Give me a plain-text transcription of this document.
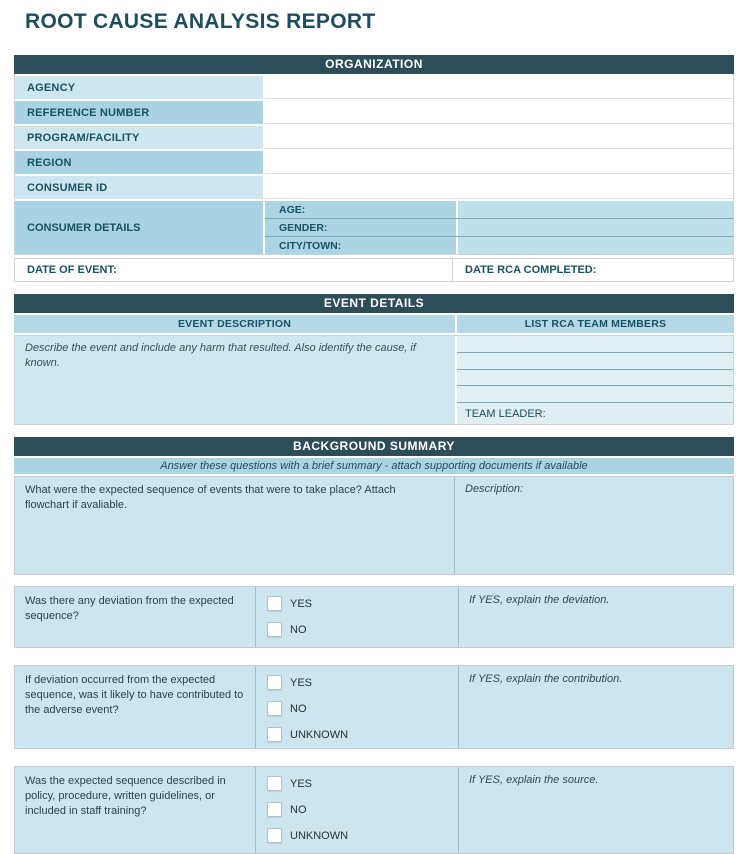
ROOT CAUSE ANALYSIS REPORT
ORGANIZATION
AGENCY
REFERENCE NUMBER
PROGRAM/FACILITY
REGION
CONSUMER ID
CONSUMER DETAILS
AGE:
GENDER:
CITY/TOWN:
DATE OF EVENT:	DATE RCA COMPLETED:
EVENT DETAILS
EVENT DESCRIPTION	LIST RCA TEAM MEMBERS
Describe the event and include any harm that resulted. Also identify the cause, if known.
TEAM LEADER:
BACKGROUND SUMMARY
Answer these questions with a brief summary - attach supporting documents if available
What were the expected sequence of events that were to take place? Attach flowchart if avaliable.
Description:
Was there any deviation from the expected sequence?
YES
NO
If YES, explain the deviation.
If deviation occurred from the expected sequence, was it likely to have contributed to the adverse event?
YES
NO
UNKNOWN
If YES, explain the contribution.
Was the expected sequence described in policy, procedure, written guidelines, or included in staff training?
YES
NO
UNKNOWN
If YES, explain the source.
